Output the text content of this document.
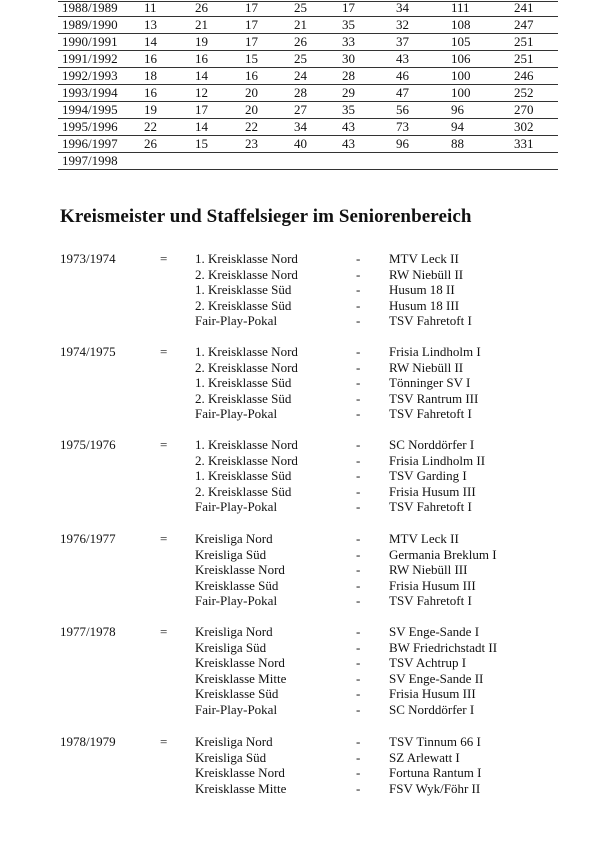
1988/1989 11	26	17	25	17	34	111	241
1989/1990 13	21	17	21	35	32	108	247
1990/1991 14	19	17	26	33	37	105	251
1991/1992 16	16	15	25	30	43	106	251
1992/1993 18	14	16	24	28	46	100	246
1993/1994 16	12	20	28	29	47	100	252
1994/1995 19	17	20	27	35	56	96	270
1995/1996 22	14	22	34	43	73	94	302
1996/1997 26	15	23	40	43	96	88	331
1997/1998
Kreismeister und Staffelsieger im Seniorenbereich
1973/1974	= 1. Kreisklasse Nord	- MTV Leck II
2. Kreisklasse Nord	- RW Niebüll II
1. Kreisklasse Süd	- Husum 18 II
2. Kreisklasse Süd	- Husum 18 III
Fair-Play-Pokal	- TSV Fahretoft I
1974/1975	= 1. Kreisklasse Nord	- Frisia Lindholm I
2. Kreisklasse Nord	- RW Niebüll II
1. Kreisklasse Süd	- Tönninger SV I
2. Kreisklasse Süd	- TSV Rantrum III
Fair-Play-Pokal	- TSV Fahretoft I
1975/1976	= 1. Kreisklasse Nord	- SC Norddörfer I
2. Kreisklasse Nord	- Frisia Lindholm II
1. Kreisklasse Süd	- TSV Garding I
2. Kreisklasse Süd	- Frisia Husum III
Fair-Play-Pokal	- TSV Fahretoft I
1976/1977	= Kreisliga Nord	- MTV Leck II
Kreisliga Süd	- Germania Breklum I
Kreisklasse Nord	- RW Niebüll III
Kreisklasse Süd	- Frisia Husum III
Fair-Play-Pokal	- TSV Fahretoft I
1977/1978	= Kreisliga Nord	- SV Enge-Sande I
Kreisliga Süd	- BW Friedrichstadt II
Kreisklasse Nord	- TSV Achtrup I
Kreisklasse Mitte	- SV Enge-Sande II
Kreisklasse Süd	- Frisia Husum III
Fair-Play-Pokal	- SC Norddörfer I
1978/1979	= Kreisliga Nord	- TSV Tinnum 66 I
Kreisliga Süd	- SZ Arlewatt I
Kreisklasse Nord	- Fortuna Rantum I
Kreisklasse Mitte	- FSV Wyk/Föhr II
